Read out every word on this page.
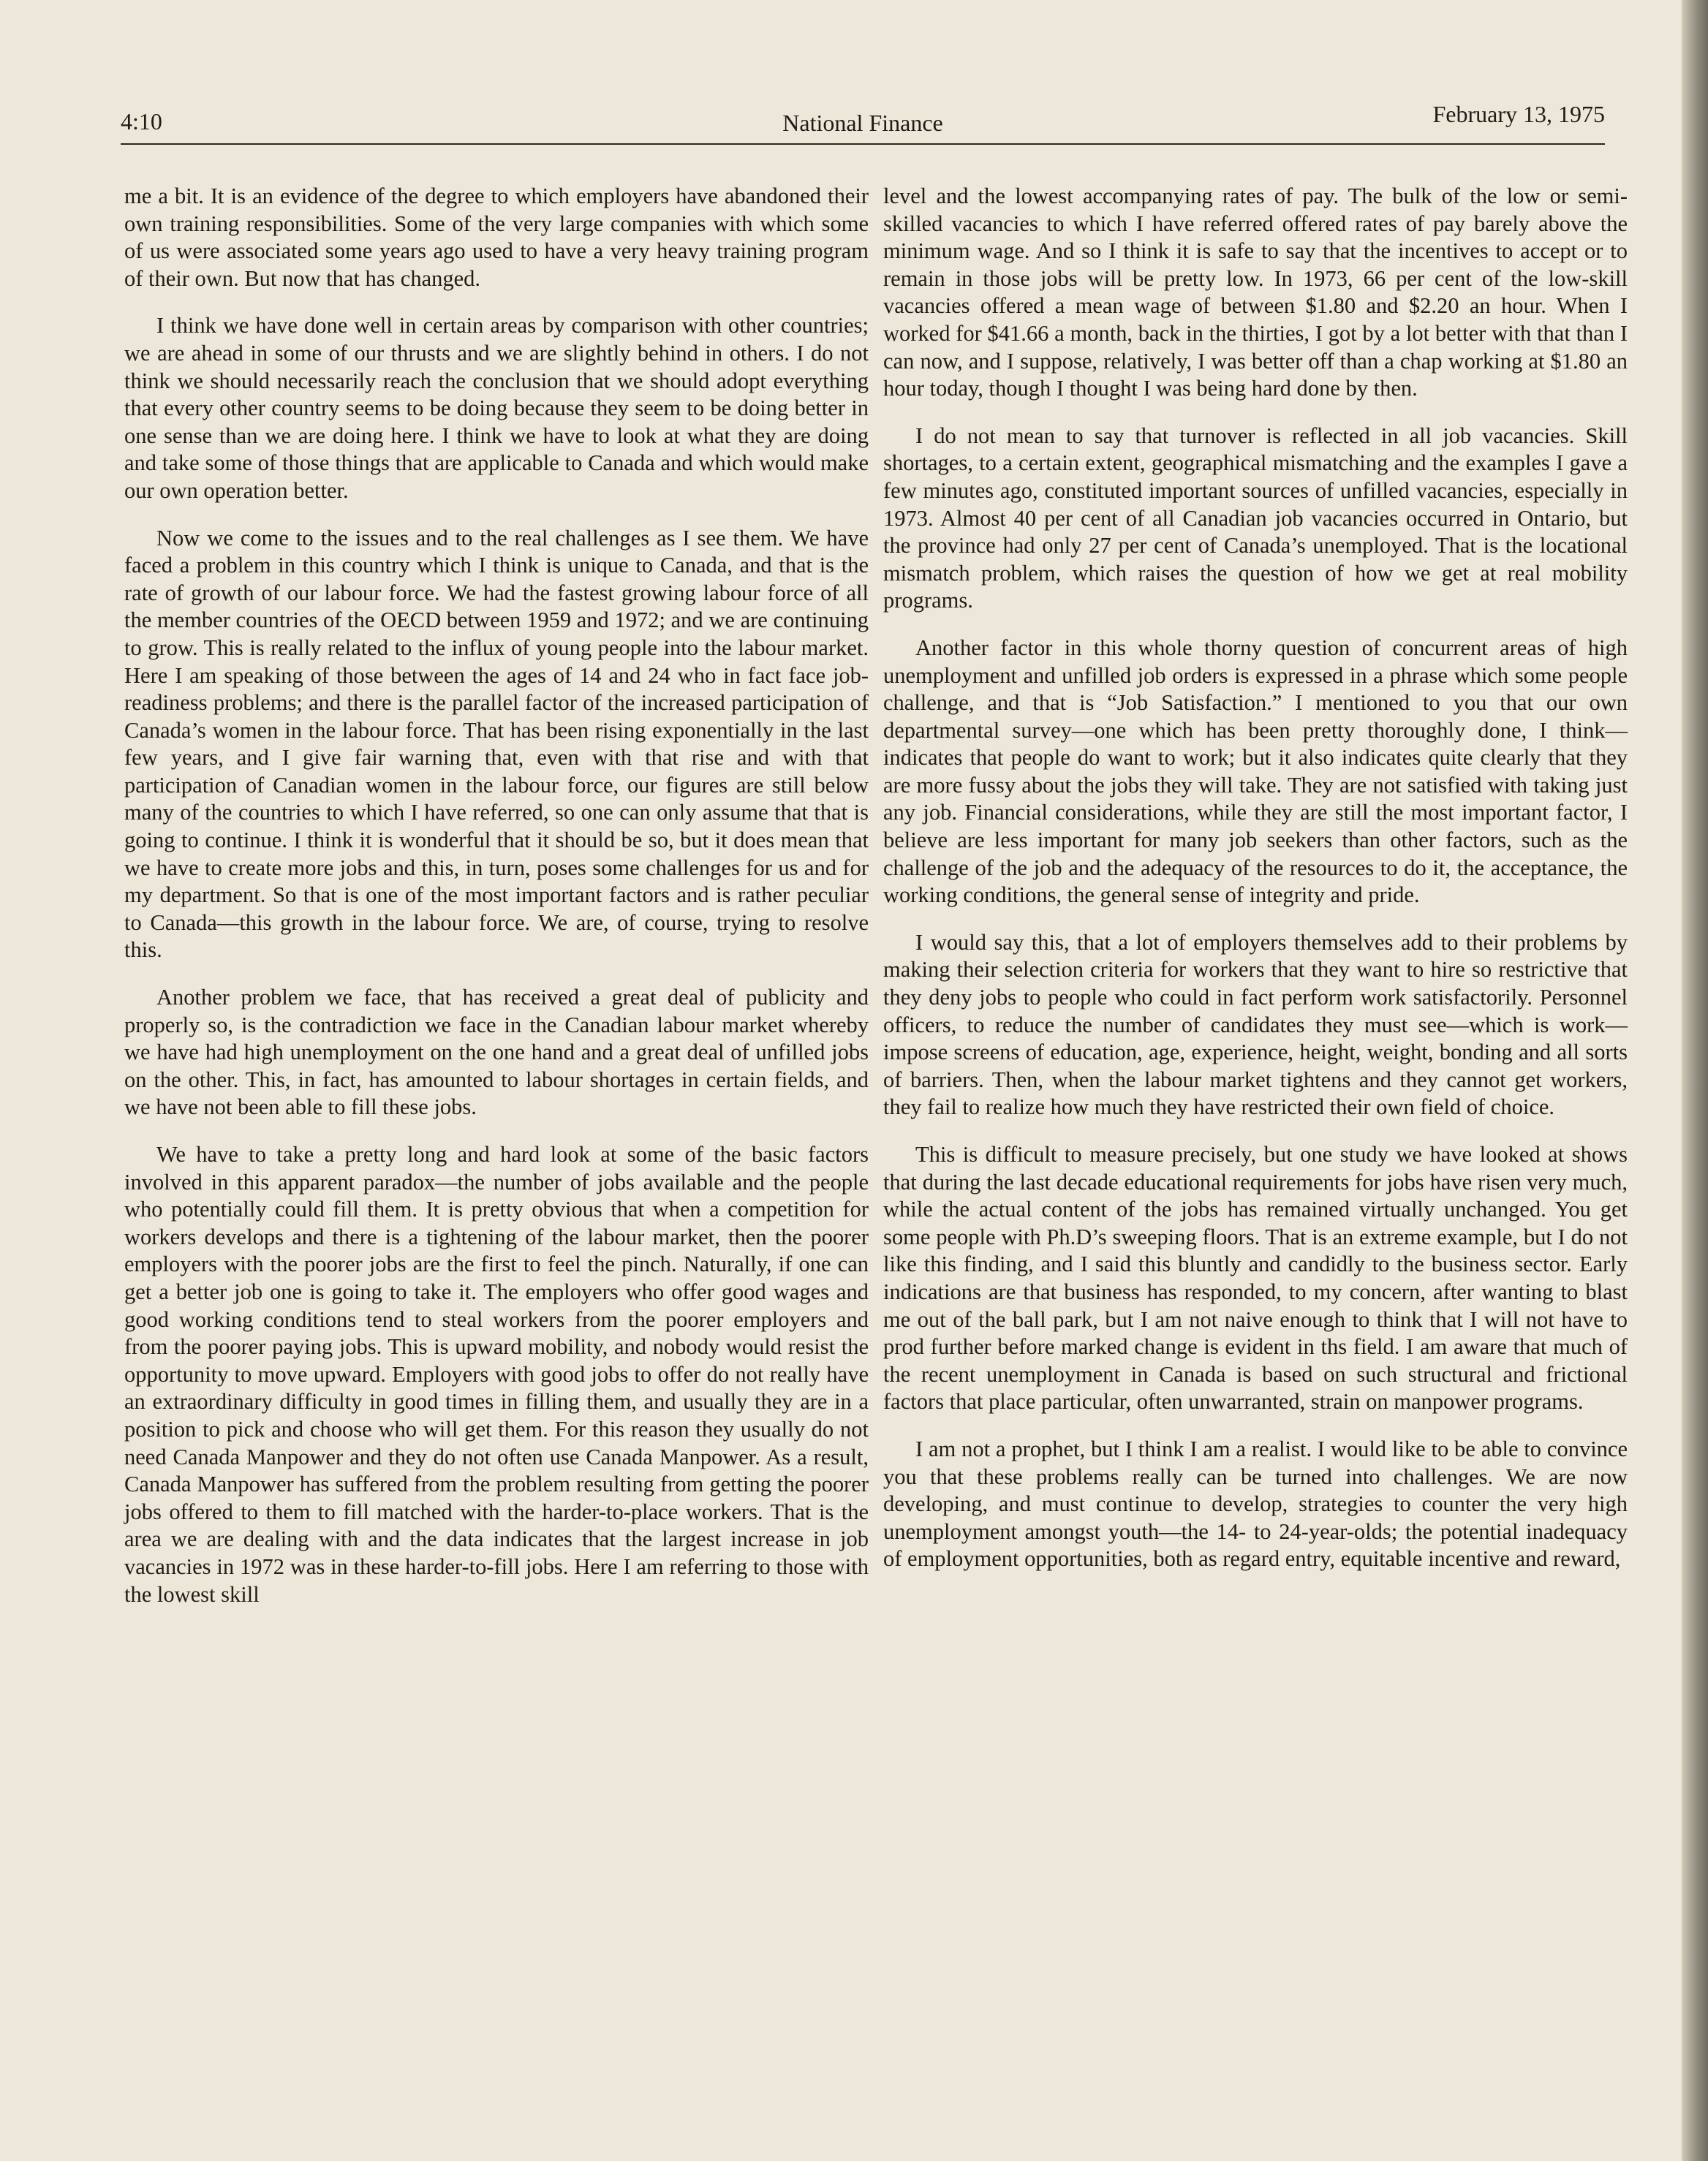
4:10	National Finance	February 13, 1975

me a bit. It is an evidence of the degree to which employers have abandoned their own training responsibilities. Some of the very large companies with which some of us were associated some years ago used to have a very heavy training program of their own. But now that has changed.

I think we have done well in certain areas by comparison with other countries; we are ahead in some of our thrusts and we are slightly behind in others. I do not think we should necessarily reach the conclusion that we should adopt everything that every other country seems to be doing because they seem to be doing better in one sense than we are doing here. I think we have to look at what they are doing and take some of those things that are applicable to Canada and which would make our own operation better.

Now we come to the issues and to the real challenges as I see them. We have faced a problem in this country which I think is unique to Canada, and that is the rate of growth of our labour force. We had the fastest growing labour force of all the member countries of the OECD between 1959 and 1972; and we are continuing to grow. This is really related to the influx of young people into the labour market. Here I am speaking of those between the ages of 14 and 24 who in fact face job-readiness problems; and there is the parallel factor of the increased participation of Canada’s women in the labour force. That has been rising exponentially in the last few years, and I give fair warning that, even with that rise and with that participation of Canadian women in the labour force, our figures are still below many of the countries to which I have referred, so one can only assume that that is going to continue. I think it is wonderful that it should be so, but it does mean that we have to create more jobs and this, in turn, poses some challenges for us and for my department. So that is one of the most important factors and is rather peculiar to Canada—this growth in the labour force. We are, of course, trying to resolve this.

Another problem we face, that has received a great deal of publicity and properly so, is the contradiction we face in the Canadian labour market whereby we have had high unemployment on the one hand and a great deal of unfilled jobs on the other. This, in fact, has amounted to labour shortages in certain fields, and we have not been able to fill these jobs.

We have to take a pretty long and hard look at some of the basic factors involved in this apparent paradox—the number of jobs available and the people who potentially could fill them. It is pretty obvious that when a competition for workers develops and there is a tightening of the labour market, then the poorer employers with the poorer jobs are the first to feel the pinch. Naturally, if one can get a better job one is going to take it. The employers who offer good wages and good working conditions tend to steal workers from the poorer employers and from the poorer paying jobs. This is upward mobility, and nobody would resist the opportunity to move upward. Employers with good jobs to offer do not really have an extraordinary difficulty in good times in filling them, and usually they are in a position to pick and choose who will get them. For this reason they usually do not need Canada Manpower and they do not often use Canada Manpower. As a result, Canada Manpower has suffered from the problem resulting from getting the poorer jobs offered to them to fill matched with the harder-to-place workers. That is the area we are dealing with and the data indicates that the largest increase in job vacancies in 1972 was in these harder-to-fill jobs. Here I am referring to those with the lowest skill

level and the lowest accompanying rates of pay. The bulk of the low or semi-skilled vacancies to which I have referred offered rates of pay barely above the minimum wage. And so I think it is safe to say that the incentives to accept or to remain in those jobs will be pretty low. In 1973, 66 per cent of the low-skill vacancies offered a mean wage of between $1.80 and $2.20 an hour. When I worked for $41.66 a month, back in the thirties, I got by a lot better with that than I can now, and I suppose, relatively, I was better off than a chap working at $1.80 an hour today, though I thought I was being hard done by then.

I do not mean to say that turnover is reflected in all job vacancies. Skill shortages, to a certain extent, geographical mismatching and the examples I gave a few minutes ago, constituted important sources of unfilled vacancies, especially in 1973. Almost 40 per cent of all Canadian job vacancies occurred in Ontario, but the province had only 27 per cent of Canada’s unemployed. That is the locational mismatch problem, which raises the question of how we get at real mobility programs.

Another factor in this whole thorny question of concurrent areas of high unemployment and unfilled job orders is expressed in a phrase which some people challenge, and that is “Job Satisfaction.” I mentioned to you that our own departmental survey—one which has been pretty thoroughly done, I think—indicates that people do want to work; but it also indicates quite clearly that they are more fussy about the jobs they will take. They are not satisfied with taking just any job. Financial considerations, while they are still the most important factor, I believe are less important for many job seekers than other factors, such as the challenge of the job and the adequacy of the resources to do it, the acceptance, the working conditions, the general sense of integrity and pride.

I would say this, that a lot of employers themselves add to their problems by making their selection criteria for workers that they want to hire so restrictive that they deny jobs to people who could in fact perform work satisfactorily. Personnel officers, to reduce the number of candidates they must see—which is work—impose screens of education, age, experience, height, weight, bonding and all sorts of barriers. Then, when the labour market tightens and they cannot get workers, they fail to realize how much they have restricted their own field of choice.

This is difficult to measure precisely, but one study we have looked at shows that during the last decade educational requirements for jobs have risen very much, while the actual content of the jobs has remained virtually unchanged. You get some people with Ph.D’s sweeping floors. That is an extreme example, but I do not like this finding, and I said this bluntly and candidly to the business sector. Early indications are that business has responded, to my concern, after wanting to blast me out of the ball park, but I am not naive enough to think that I will not have to prod further before marked change is evident in ths field. I am aware that much of the recent unemployment in Canada is based on such structural and frictional factors that place particular, often unwarranted, strain on manpower programs.

I am not a prophet, but I think I am a realist. I would like to be able to convince you that these problems really can be turned into challenges. We are now developing, and must continue to develop, strategies to counter the very high unemployment amongst youth—the 14- to 24-year-olds; the potential inadequacy of employment opportunities, both as regard entry, equitable incentive and reward,
